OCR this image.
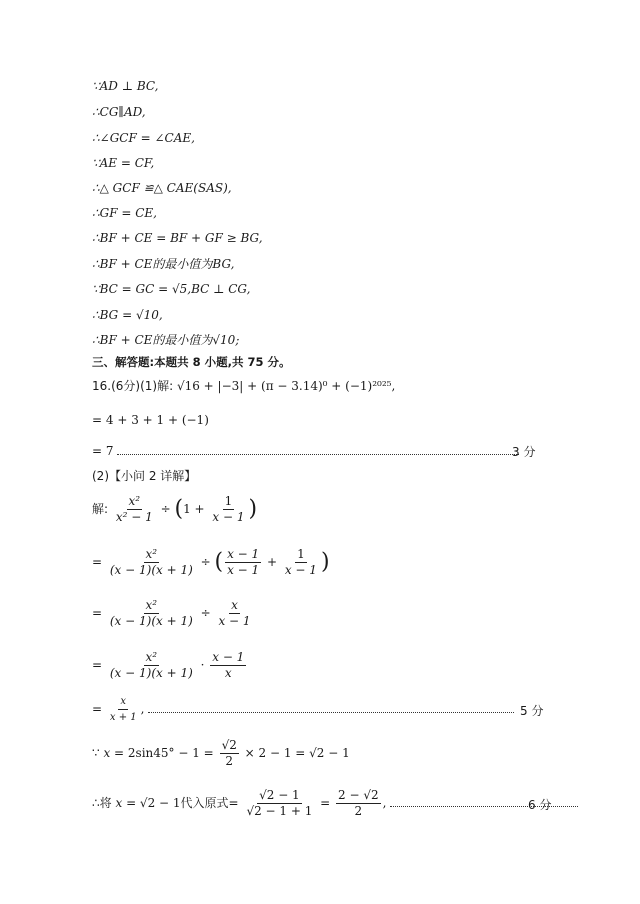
∵AD ⊥ BC,
∴CG∥AD,
∴∠GCF = ∠CAE,
∵AE = CF,
∴△ GCF ≌△ CAE(SAS),
∴GF = CE,
∴BF + CE = BF + GF ≥ BG,
∴BF + CE的最小值为BG,
∵BC = GC = √5,BC ⊥ CG,
∴BG = √10,
∴BF + CE的最小值为√10;
三、解答题:本题共 8 小题,共 75 分。
16.(6分)(1)解: √16 + |−3| + (π − 3.14)⁰ + (−1)²⁰²⁵,
= 4 + 3 + 1 + (−1)
= 7	3 分
(2)【小问 2 详解】
解: $\frac{\text{x²}}{\text{x² − 1}} \div (1 + \frac{1}{x - 1}$ )
= $\frac{\text{x²}}{(x - 1)(x + 1)}$ ÷ ( $\frac{x - 1}{x - 1} + \frac{1}{x - 1}$ )
= $\frac{\text{x²}}{(x - 1)(x + 1)} \div \frac{x}{x - 1}$
= $\frac{\text{x²}}{(x - 1)(x + 1)} \cdot \frac{x - 1}{x}$
= $\frac{x}{x + 1}$ ,	5 分
∵ $x = 2\sin 45^\circ - 1 = \frac{√2}{2} \times 2 - 1 = √2 - 1$
∴将 x = √2 − 1代入原式= $\frac{√2 - 1}{√2 - 1 + 1} = \frac{2 - √2}{2}$ ,	6 分
